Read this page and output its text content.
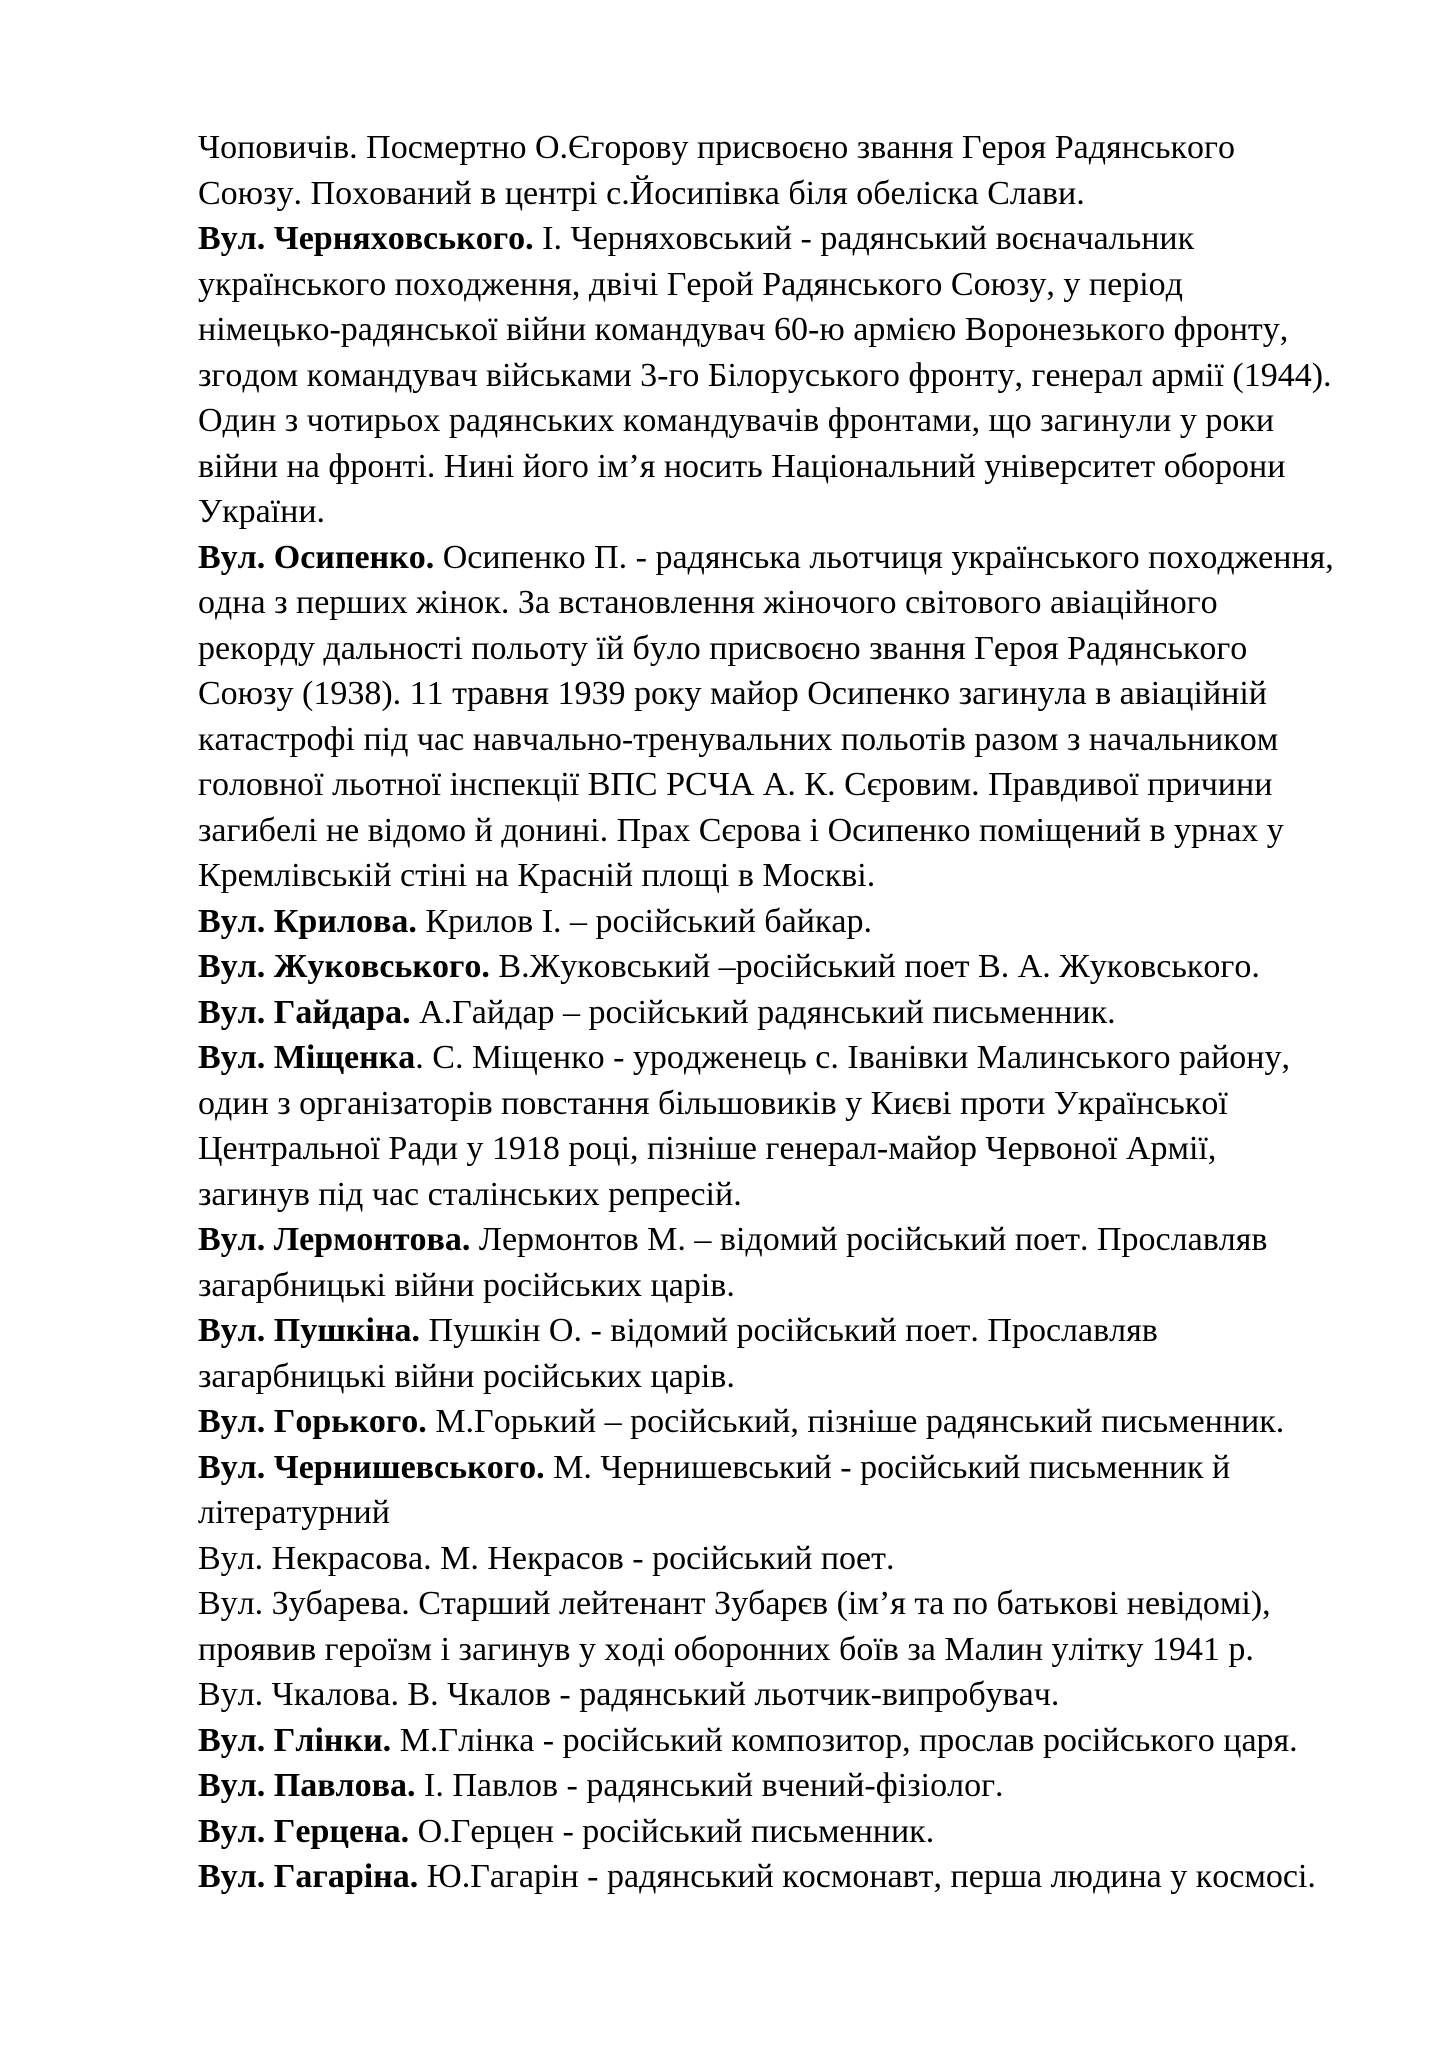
Чоповичів. Посмертно О.Єгорову присвоєно звання Героя Радянського
Союзу. Похований в центрі с.Йосипівка біля обеліска Слави.
Вул. Черняховського. І. Черняховський - радянський воєначальник
українського походження, двічі Герой Радянського Союзу, у період
німецько-радянської війни командувач 60-ю армією Воронезького фронту,
згодом командувач військами 3-го Білоруського фронту, генерал армії (1944).
Один з чотирьох радянських командувачів фронтами, що загинули у роки
війни на фронті. Нині його ім’я носить Національний університет оборони
України.
Вул. Осипенко. Осипенко П. - радянська льотчиця українського походження,
одна з перших жінок. За встановлення жіночого світового авіаційного
рекорду дальності польоту їй було присвоєно звання Героя Радянського
Союзу (1938). 11 травня 1939 року майор Осипенко загинула в авіаційній
катастрофі під час навчально-тренувальних польотів разом з начальником
головної льотної інспекції ВПС РСЧА А. К. Сєровим. Правдивої причини
загибелі не відомо й донині. Прах Сєрова і Осипенко поміщений в урнах у
Кремлівській стіні на Красній площі в Москві.
Вул. Крилова. Крилов І. – російський байкар.
Вул. Жуковського. В.Жуковський –російський поет В. А. Жуковського.
Вул. Гайдара. А.Гайдар – російський радянський письменник.
Вул. Міщенка. С. Міщенко - уродженець с. Іванівки Малинського району,
один з організаторів повстання більшовиків у Києві проти Української
Центральної Ради у 1918 році, пізніше генерал-майор Червоної Армії,
загинув під час сталінських репресій.
Вул. Лермонтова. Лермонтов М. – відомий російський поет. Прославляв
загарбницькі війни російських царів.
Вул. Пушкіна. Пушкін О. - відомий російський поет. Прославляв
загарбницькі війни російських царів.
Вул. Горького. М.Горький – російський, пізніше радянський письменник.
Вул. Чернишевського. М. Чернишевський - російський письменник й
літературний
Вул. Некрасова. М. Некрасов - російський поет.
Вул. Зубарева. Старший лейтенант Зубарєв (ім’я та по батькові невідомі),
проявив героїзм і загинув у ході оборонних боїв за Малин улітку 1941 р.
Вул. Чкалова. В. Чкалов - радянський льотчик-випробувач.
Вул. Глінки. М.Глінка - російський композитор, прослав російського царя.
Вул. Павлова. І. Павлов - радянський вчений-фізіолог.
Вул. Герцена. О.Герцен - російський письменник.
Вул. Гагаріна. Ю.Гагарін - радянський космонавт, перша людина у космосі.
